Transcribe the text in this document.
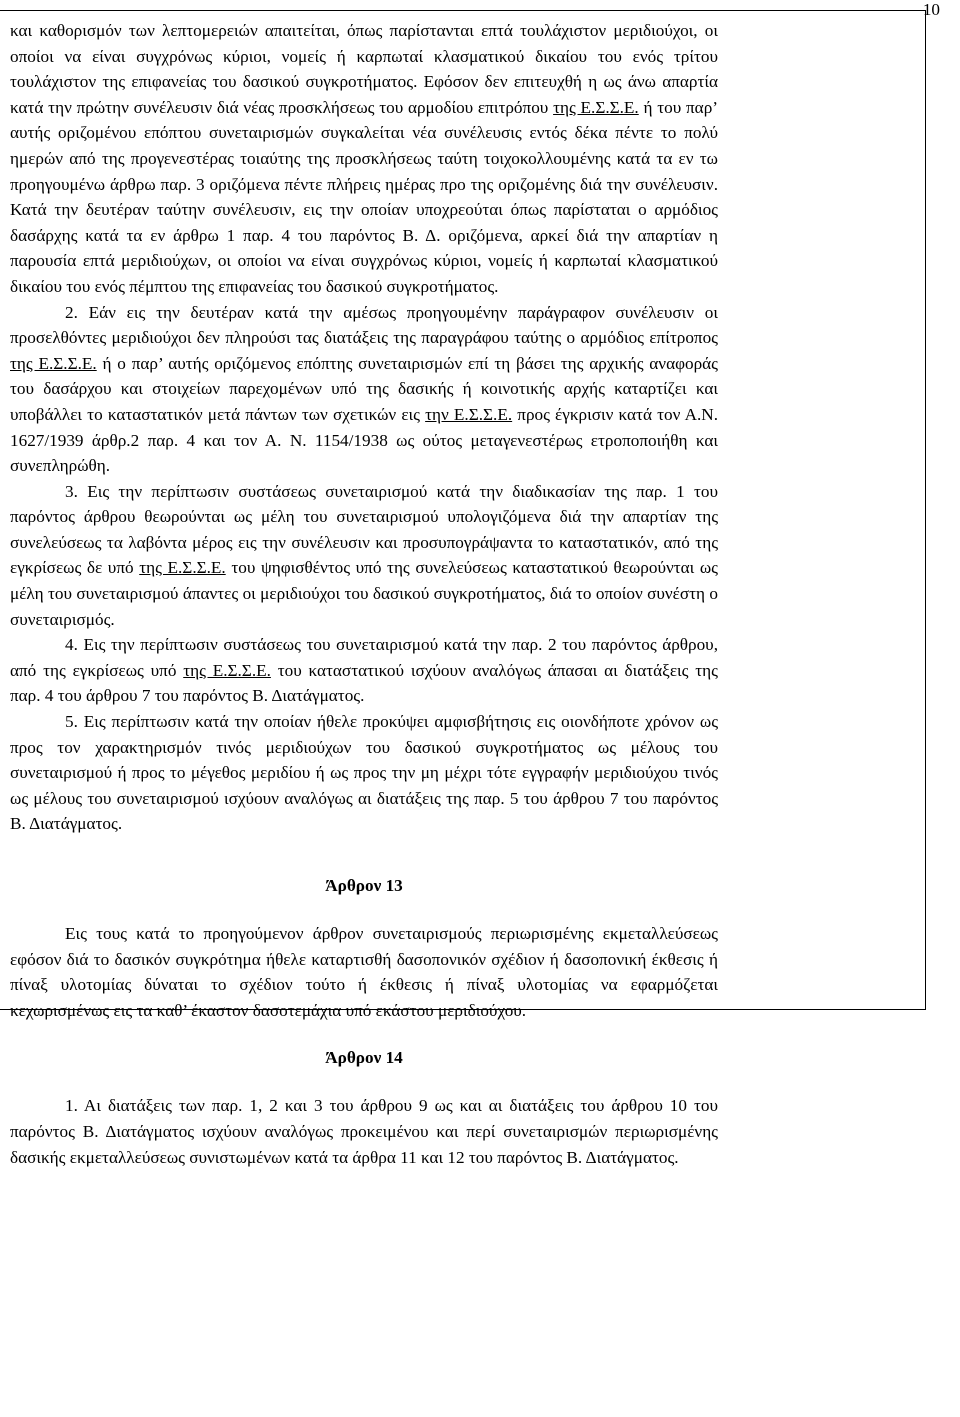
10

και καθορισμόν των λεπτομερειών απαιτείται, όπως παρίστανται επτά τουλάχιστον μεριδιούχοι, οι οποίοι να είναι συγχρόνως κύριοι, νομείς ή καρπωταί κλασματικού δικαίου του ενός τρίτου τουλάχιστον της επιφανείας του δασικού συγκροτήματος. Εφόσον δεν επιτευχθή η ως άνω απαρτία κατά την πρώτην συνέλευσιν διά νέας προσκλήσεως του αρμοδίου επιτρόπου της Ε.Σ.Σ.Ε. ή του παρ’ αυτής οριζομένου επόπτου συνεταιρισμών συγκαλείται νέα συνέλευσις εντός δέκα πέντε το πολύ ημερών από της προγενεστέρας τοιαύτης της προσκλήσεως ταύτη τοιχοκολλουμένης κατά τα εν τω προηγουμένω άρθρω παρ. 3 οριζόμενα πέντε πλήρεις ημέρας προ της οριζομένης διά την συνέλευσιν. Κατά την δευτέραν ταύτην συνέλευσιν, εις την οποίαν υποχρεούται όπως παρίσταται ο αρμόδιος δασάρχης κατά τα εν άρθρω 1 παρ. 4 του παρόντος Β. Δ. οριζόμενα, αρκεί διά την απαρτίαν η παρουσία επτά μεριδιούχων, οι οποίοι να είναι συγχρόνως κύριοι, νομείς ή καρπωταί κλασματικού δικαίου του ενός πέμπτου της επιφανείας του δασικού συγκροτήματος.

2. Εάν εις την δευτέραν κατά την αμέσως προηγουμένην παράγραφον συνέλευσιν οι προσελθόντες μεριδιούχοι δεν πληρούσι τας διατάξεις της παραγράφου ταύτης ο αρμόδιος επίτροπος της Ε.Σ.Σ.Ε. ή ο παρ’ αυτής οριζόμενος επόπτης συνεταιρισμών επί τη βάσει της αρχικής αναφοράς του δασάρχου και στοιχείων παρεχομένων υπό της δασικής ή κοινοτικής αρχής καταρτίζει και υποβάλλει το καταστατικόν μετά πάντων των σχετικών εις την Ε.Σ.Σ.Ε. προς έγκρισιν κατά τον Α.Ν. 1627/1939 άρθρ.2 παρ. 4 και τον Α. Ν. 1154/1938 ως ούτος μεταγενεστέρως ετροποποιήθη και συνεπληρώθη.

3. Εις την περίπτωσιν συστάσεως συνεταιρισμού κατά την διαδικασίαν της παρ. 1 του παρόντος άρθρου θεωρούνται ως μέλη του συνεταιρισμού υπολογιζόμενα διά την απαρτίαν της συνελεύσεως τα λαβόντα μέρος εις την συνέλευσιν και προσυπογράψαντα το καταστατικόν, από της εγκρίσεως δε υπό της Ε.Σ.Σ.Ε. του ψηφισθέντος υπό της συνελεύσεως καταστατικού θεωρούνται ως μέλη του συνεταιρισμού άπαντες οι μεριδιούχοι του δασικού συγκροτήματος, διά το οποίον συνέστη ο συνεταιρισμός.

4. Εις την περίπτωσιν συστάσεως του συνεταιρισμού κατά την παρ. 2 του παρόντος άρθρου, από της εγκρίσεως υπό της Ε.Σ.Σ.Ε. του καταστατικού ισχύουν αναλόγως άπασαι αι διατάξεις της παρ. 4 του άρθρου 7 του παρόντος Β. Διατάγματος.

5. Εις περίπτωσιν κατά την οποίαν ήθελε προκύψει αμφισβήτησις εις οιονδήποτε χρόνον ως προς τον χαρακτηρισμόν τινός μεριδιούχων του δασικού συγκροτήματος ως μέλους του συνεταιρισμού ή προς το μέγεθος μεριδίου ή ως προς την μη μέχρι τότε εγγραφήν μεριδιούχου τινός ως μέλους του συνεταιρισμού ισχύουν αναλόγως αι διατάξεις της παρ. 5 του άρθρου 7 του παρόντος Β. Διατάγματος.

Άρθρον 13

Εις τους κατά το προηγούμενον άρθρον συνεταιρισμούς περιωρισμένης εκμεταλλεύσεως εφόσον διά το δασικόν συγκρότημα ήθελε καταρτισθή δασοπονικόν σχέδιον ή δασοπονική έκθεσις ή πίναξ υλοτομίας δύναται το σχέδιον τούτο ή έκθεσις ή πίναξ υλοτομίας να εφαρμόζεται κεχωρισμένως εις τα καθ’ έκαστον δασοτεμάχια υπό εκάστου μεριδιούχου.

Άρθρον 14

1. Αι διατάξεις των παρ. 1, 2 και 3 του άρθρου 9 ως και αι διατάξεις του άρθρου 10 του παρόντος Β. Διατάγματος ισχύουν αναλόγως προκειμένου και περί συνεταιρισμών περιωρισμένης δασικής εκμεταλλεύσεως συνιστωμένων κατά τα άρθρα 11 και 12 του παρόντος Β. Διατάγματος.
